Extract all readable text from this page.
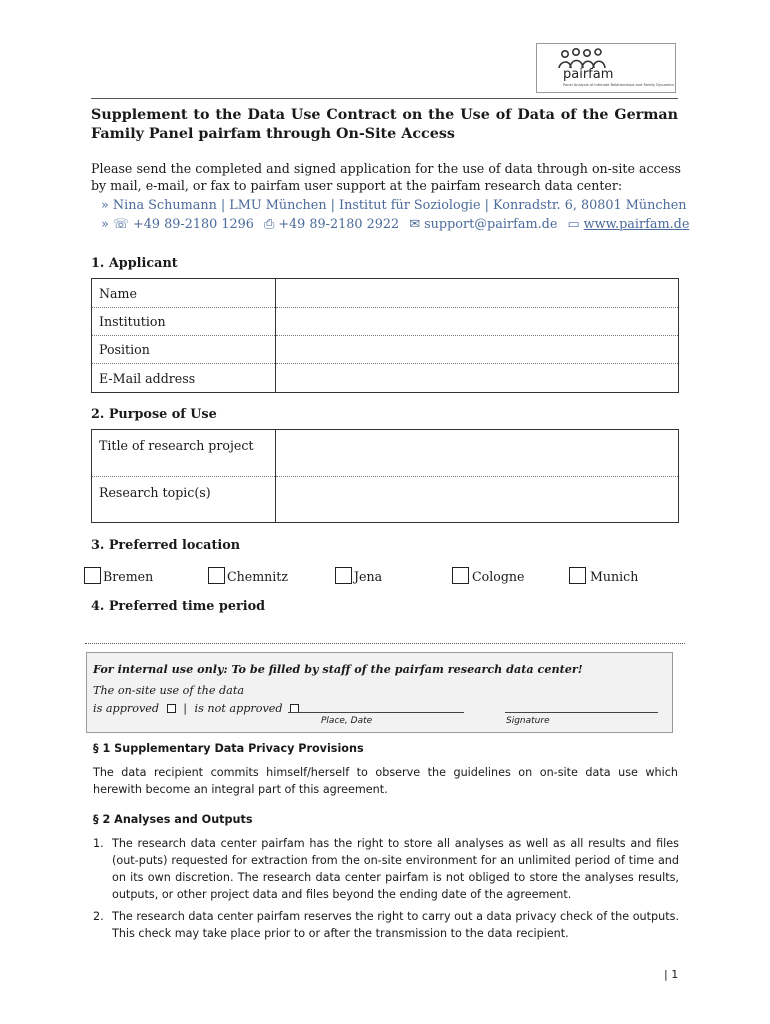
pairfam
Panel Analysis of Intimate Relationships and Family Dynamics
Supplement to the Data Use Contract on the Use of Data of the German Family Panel pairfam through On-Site Access
Please send the completed and signed application for the use of data through on-site access by mail, e-mail, or fax to pairfam user support at the pairfam research data center:
» Nina Schumann | LMU München | Institut für Soziologie | Konradstr. 6, 80801 München
» ☏ +49 89-2180 1296 ⎙ +49 89-2180 2922 ✉ support@pairfam.de ▭ www.pairfam.de
1. Applicant
Name	
Institution	
Position	
E-Mail address	
2. Purpose of Use
Title of research project	
Research topic(s)	
3. Preferred location
Bremen	Chemnitz	Jena	Cologne	Munich
4. Preferred time period
For internal use only: To be filled by staff of the pairfam research data center!
The on-site use of the data
is approved | is not approved
Place, Date	Signature
§ 1 Supplementary Data Privacy Provisions
The data recipient commits himself/herself to observe the guidelines on on-site data use which herewith become an integral part of this agreement.
§ 2 Analyses and Outputs
1. The research data center pairfam has the right to store all analyses as well as all results and files (out-puts) requested for extraction from the on-site environment for an unlimited period of time and on its own discretion. The research data center pairfam is not obliged to store the analyses results, outputs, or other project data and files beyond the ending date of the agreement.
2. The research data center pairfam reserves the right to carry out a data privacy check of the outputs. This check may take place prior to or after the transmission to the data recipient.
| 1
